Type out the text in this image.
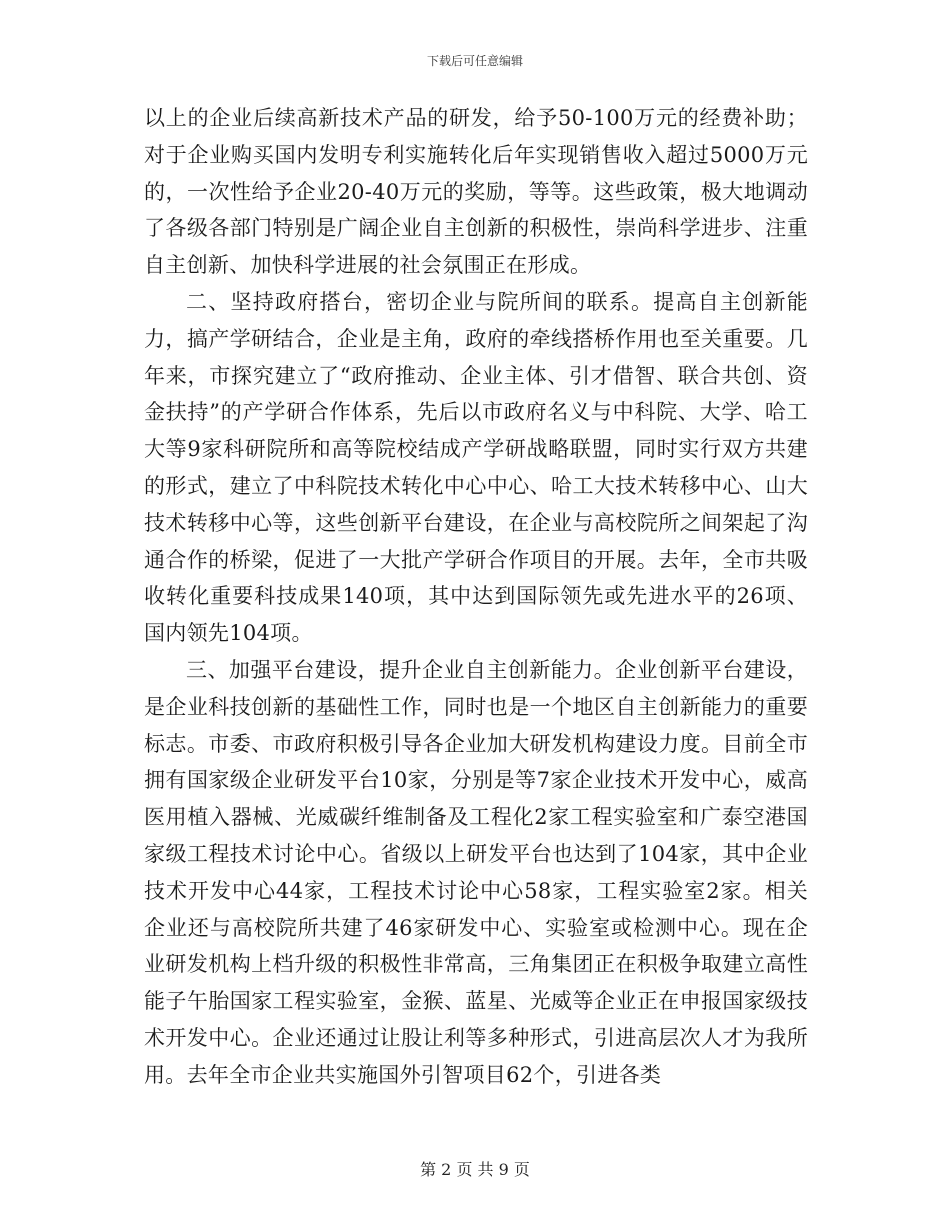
下载后可任意编辑

以上的企业后续高新技术产品的研发，给予50-100万元的经费补助；对于企业购买国内发明专利实施转化后年实现销售收入超过5000万元的，一次性给予企业20-40万元的奖励，等等。这些政策，极大地调动了各级各部门特别是广阔企业自主创新的积极性，崇尚科学进步、注重自主创新、加快科学进展的社会氛围正在形成。

二、坚持政府搭台，密切企业与院所间的联系。提高自主创新能力，搞产学研结合，企业是主角，政府的牵线搭桥作用也至关重要。几年来，市探究建立了“政府推动、企业主体、引才借智、联合共创、资金扶持”的产学研合作体系，先后以市政府名义与中科院、大学、哈工大等9家科研院所和高等院校结成产学研战略联盟，同时实行双方共建的形式，建立了中科院技术转化中心中心、哈工大技术转移中心、山大技术转移中心等，这些创新平台建设，在企业与高校院所之间架起了沟通合作的桥梁，促进了一大批产学研合作项目的开展。去年，全市共吸收转化重要科技成果140项，其中达到国际领先或先进水平的26项、国内领先104项。

三、加强平台建设，提升企业自主创新能力。企业创新平台建设，是企业科技创新的基础性工作，同时也是一个地区自主创新能力的重要标志。市委、市政府积极引导各企业加大研发机构建设力度。目前全市拥有国家级企业研发平台10家，分别是等7家企业技术开发中心，威高医用植入器械、光威碳纤维制备及工程化2家工程实验室和广泰空港国家级工程技术讨论中心。省级以上研发平台也达到了104家，其中企业技术开发中心44家，工程技术讨论中心58家，工程实验室2家。相关企业还与高校院所共建了46家研发中心、实验室或检测中心。现在企业研发机构上档升级的积极性非常高，三角集团正在积极争取建立高性能子午胎国家工程实验室，金猴、蓝星、光威等企业正在申报国家级技术开发中心。企业还通过让股让利等多种形式，引进高层次人才为我所用。去年全市企业共实施国外引智项目62个，引进各类

第 2 页 共 9 页
